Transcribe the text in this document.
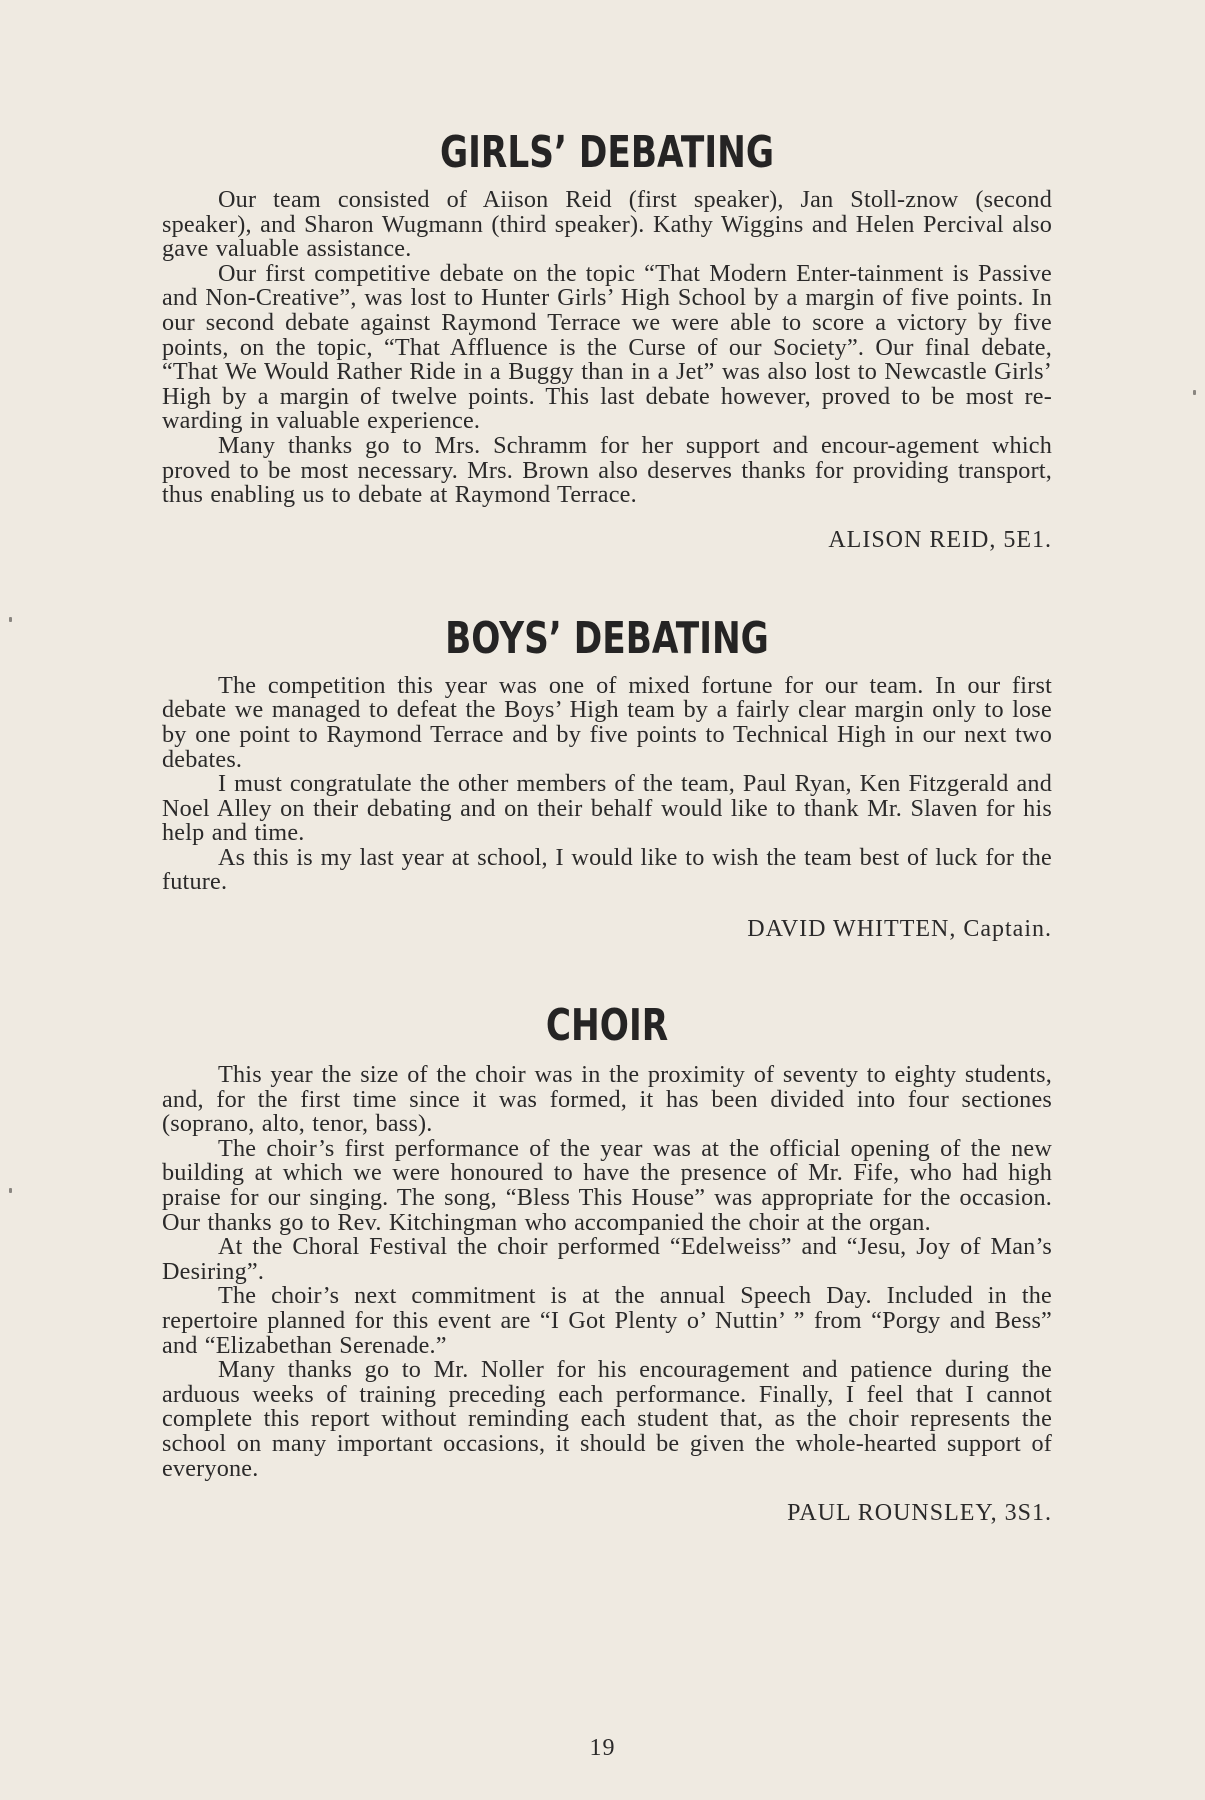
GIRLS’ DEBATING

Our team consisted of Aiison Reid (first speaker), Jan Stoll-znow (second speaker), and Sharon Wugmann (third speaker). Kathy Wiggins and Helen Percival also gave valuable assistance.

Our first competitive debate on the topic “That Modern Enter-tainment is Passive and Non-Creative”, was lost to Hunter Girls’ High School by a margin of five points. In our second debate against Raymond Terrace we were able to score a victory by five points, on the topic, “That Affluence is the Curse of our Society”. Our final debate, “That We Would Rather Ride in a Buggy than in a Jet” was also lost to Newcastle Girls’ High by a margin of twelve points. This last debate however, proved to be most re-warding in valuable experience.

Many thanks go to Mrs. Schramm for her support and encour-agement which proved to be most necessary. Mrs. Brown also deserves thanks for providing transport, thus enabling us to debate at Raymond Terrace.

ALISON REID, 5E1.
BOYS’ DEBATING

The competition this year was one of mixed fortune for our team. In our first debate we managed to defeat the Boys’ High team by a fairly clear margin only to lose by one point to Raymond Terrace and by five points to Technical High in our next two debates.

I must congratulate the other members of the team, Paul Ryan, Ken Fitzgerald and Noel Alley on their debating and on their behalf would like to thank Mr. Slaven for his help and time.

As this is my last year at school, I would like to wish the team best of luck for the future.

DAVID WHITTEN, Captain.
CHOIR

This year the size of the choir was in the proximity of seventy to eighty students, and, for the first time since it was formed, it has been divided into four sectiones (soprano, alto, tenor, bass).

The choir’s first performance of the year was at the official opening of the new building at which we were honoured to have the presence of Mr. Fife, who had high praise for our singing. The song, “Bless This House” was appropriate for the occasion. Our thanks go to Rev. Kitchingman who accompanied the choir at the organ.

At the Choral Festival the choir performed “Edelweiss” and “Jesu, Joy of Man’s Desiring”.

The choir’s next commitment is at the annual Speech Day. Included in the repertoire planned for this event are “I Got Plenty o’ Nuttin’ ” from “Porgy and Bess” and “Elizabethan Serenade.”

Many thanks go to Mr. Noller for his encouragement and patience during the arduous weeks of training preceding each performance. Finally, I feel that I cannot complete this report without reminding each student that, as the choir represents the school on many important occasions, it should be given the whole-hearted support of everyone.

PAUL ROUNSLEY, 3S1.
19
